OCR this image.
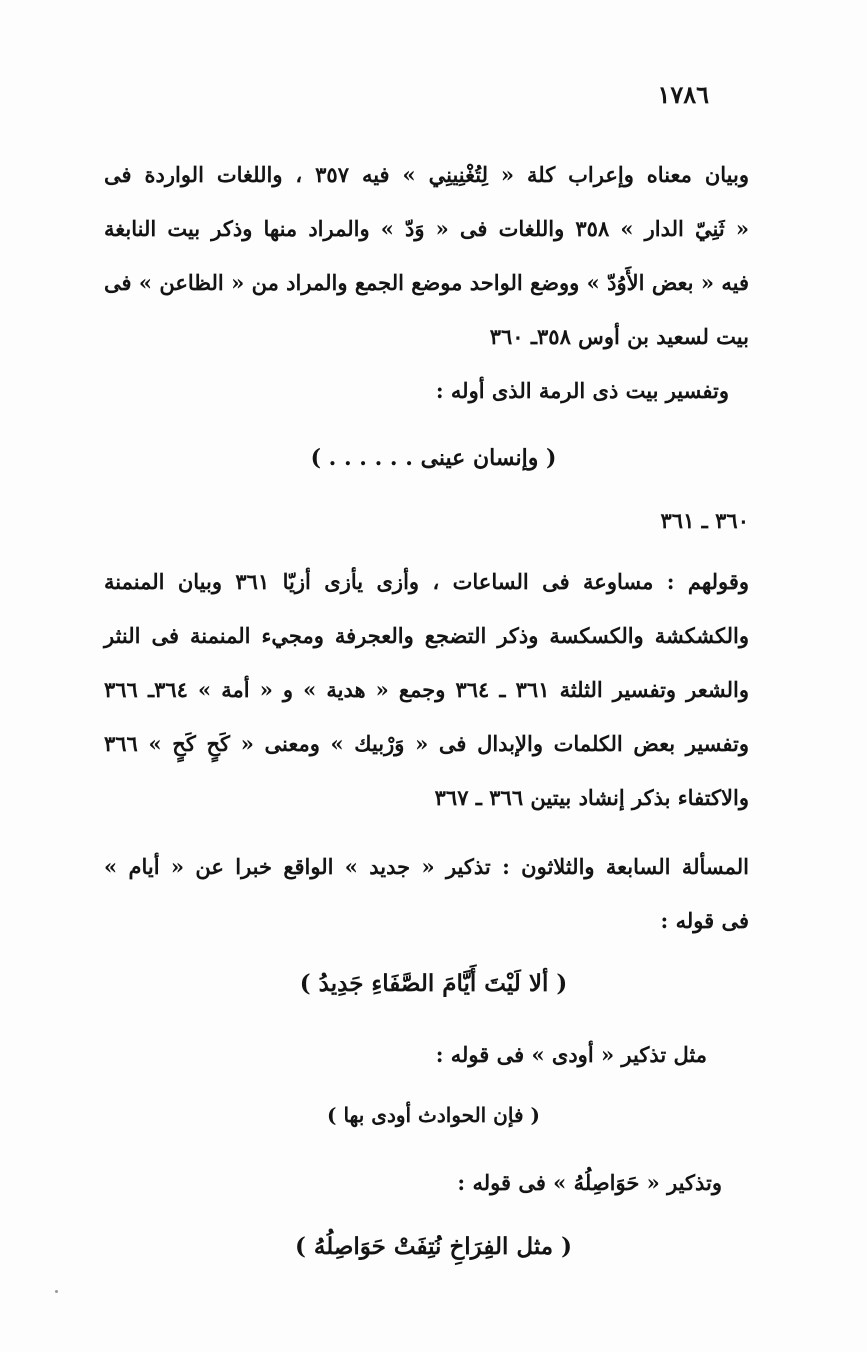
١٧٨٦
وبيان معناه وإعراب كلة « لِتُغْنِينِي » فيه ٣٥٧ ، واللغات الواردة فى
« ثَنِيّ الدار » ٣٥٨ واللغات فى « وَدّ » والمراد منها وذكر بيت النابغة
فيه « بعض الأَوُدّ » ووضع الواحد موضع الجمع والمراد من « الظاعن » فى
بيت لسعيد بن أوس ٣٥٨ـ ٣٦٠
وتفسير بيت ذى الرمة الذى أوله :
( وإنسان عينى . . . . . . )
٣٦٠ ـ ٣٦١
وقولهم : مساوعة فى الساعات ، وأزى يأزى أزيّا ٣٦١ وبيان المنمنة
والكشكشة والكسكسة وذكر التضجع والعجرفة ومجيء المنمنة فى النثر
والشعر وتفسير الثلثة ٣٦١ ـ ٣٦٤ وجمع « هدية » و « أمة » ٣٦٤ـ ٣٦٦
وتفسير بعض الكلمات والإبدال فى « وَرْبيك » ومعنى « كَحٍ كَحٍ » ٣٦٦
والاكتفاء بذكر إنشاد بيتين ٣٦٦ ـ ٣٦٧
المسألة السابعة والثلاثون : تذكير « جديد » الواقع خبرا عن « أيام »
فى قوله :
( ألا لَيْتَ أَيَّامَ الصَّفَاءِ جَدِيدُ )
مثل تذكير « أودى » فى قوله :
( فإن الحوادث أودى بها )
وتذكير « حَوَاصِلُهُ » فى قوله :
( مثل الفِرَاخِ نُتِفَتْ حَوَاصِلُهُ )
